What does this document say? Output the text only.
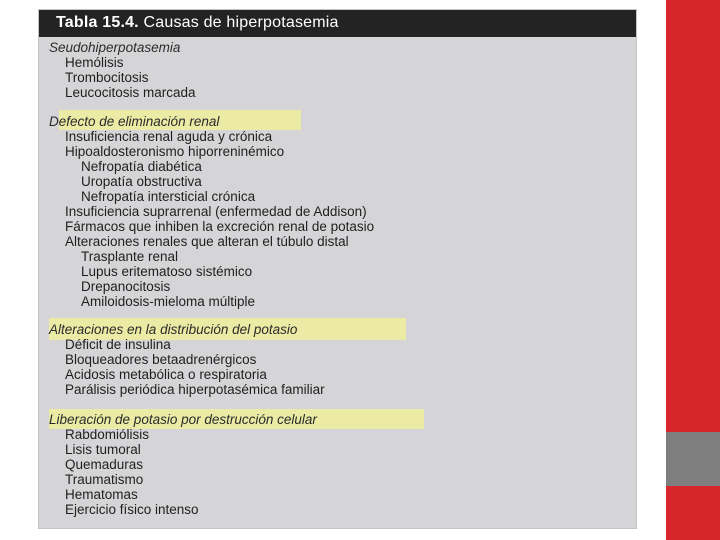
Tabla 15.4. Causas de hiperpotasemia
Seudohiperpotasemia
Hemólisis
Trombocitosis
Leucocitosis marcada
Defecto de eliminación renal
Insuficiencia renal aguda y crónica
Hipoaldosteronismo hiporreninémico
Nefropatía diabética
Uropatía obstructiva
Nefropatía intersticial crónica
Insuficiencia suprarrenal (enfermedad de Addison)
Fármacos que inhiben la excreción renal de potasio
Alteraciones renales que alteran el túbulo distal
Trasplante renal
Lupus eritematoso sistémico
Drepanocitosis
Amiloidosis-mieloma múltiple
Alteraciones en la distribución del potasio
Déficit de insulina
Bloqueadores betaadrenérgicos
Acidosis metabólica o respiratoria
Parálisis periódica hiperpotasémica familiar
Liberación de potasio por destrucción celular
Rabdomiólisis
Lisis tumoral
Quemaduras
Traumatismo
Hematomas
Ejercicio físico intenso
